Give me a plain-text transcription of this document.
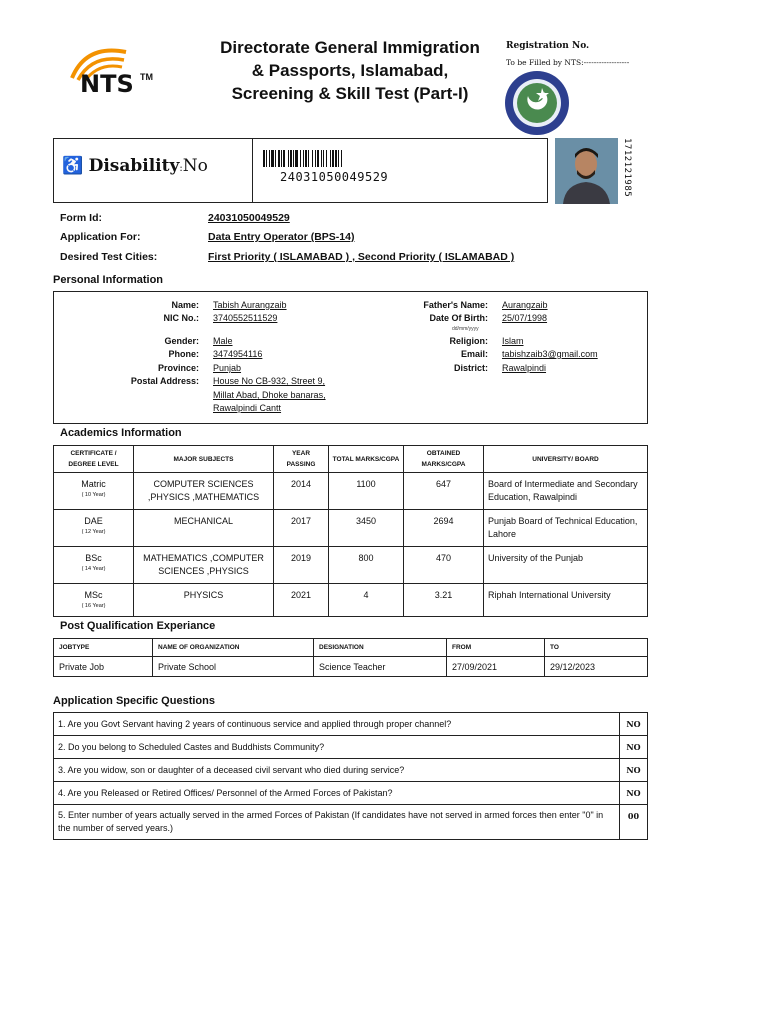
NTS TM
Directorate General Immigration
& Passports, Islamabad,
Screening & Skill Test (Part-I)
Registration No.
To be Filled by NTS:------------------
♿ Disability:No
24031050049529	1712121985
Form Id:	24031050049529
Application For:	Data Entry Operator (BPS-14)
Desired Test Cities:	First Priority ( ISLAMABAD ) , Second Priority ( ISLAMABAD )
Personal Information
Name: Tabish Aurangzaib
NIC No.: 3740552511529
Gender: Male
Phone: 3474954116
Province: Punjab
Postal Address: House No CB-932, Street 9,
Millat Abad, Dhoke banaras,
Rawalpindi Cantt
Father's Name: Aurangzaib
Date Of Birth: 25/07/1998
dd/mm/yyyy
Religion: Islam
Email: tabishzaib3@gmail.com
District: Rawalpindi
Academics Information
CERTIFICATE / DEGREE LEVEL	MAJOR SUBJECTS	YEAR PASSING	TOTAL MARKS/CGPA	OBTAINED MARKS/CGPA	UNIVERSITY/ BOARD
Matric
( 10 Year)	COMPUTER SCIENCES ,PHYSICS ,MATHEMATICS	2014	1100	647	Board of Intermediate and Secondary Education, Rawalpindi
DAE
( 12 Year)	MECHANICAL	2017	3450	2694	Punjab Board of Technical Education, Lahore
BSc
( 14 Year)	MATHEMATICS ,COMPUTER SCIENCES ,PHYSICS	2019	800	470	University of the Punjab
MSc
( 16 Year)	PHYSICS	2021	4	3.21	Riphah International University
Post Qualification Experiance
JOBTYPE	NAME OF ORGANIZATION	DESIGNATION	FROM	TO
Private Job	Private School	Science Teacher	27/09/2021	29/12/2023
Application Specific Questions
1. Are you Govt Servant having 2 years of continuous service and applied through proper channel?	NO
2. Do you belong to Scheduled Castes and Buddhists Community?	NO
3. Are you widow, son or daughter of a deceased civil servant who died during service?	NO
4. Are you Released or Retired Offices/ Personnel of the Armed Forces of Pakistan?	NO
5. Enter number of years actually served in the armed Forces of Pakistan (If candidates have not served in armed forces then enter "0" in the number of served years.)	00
